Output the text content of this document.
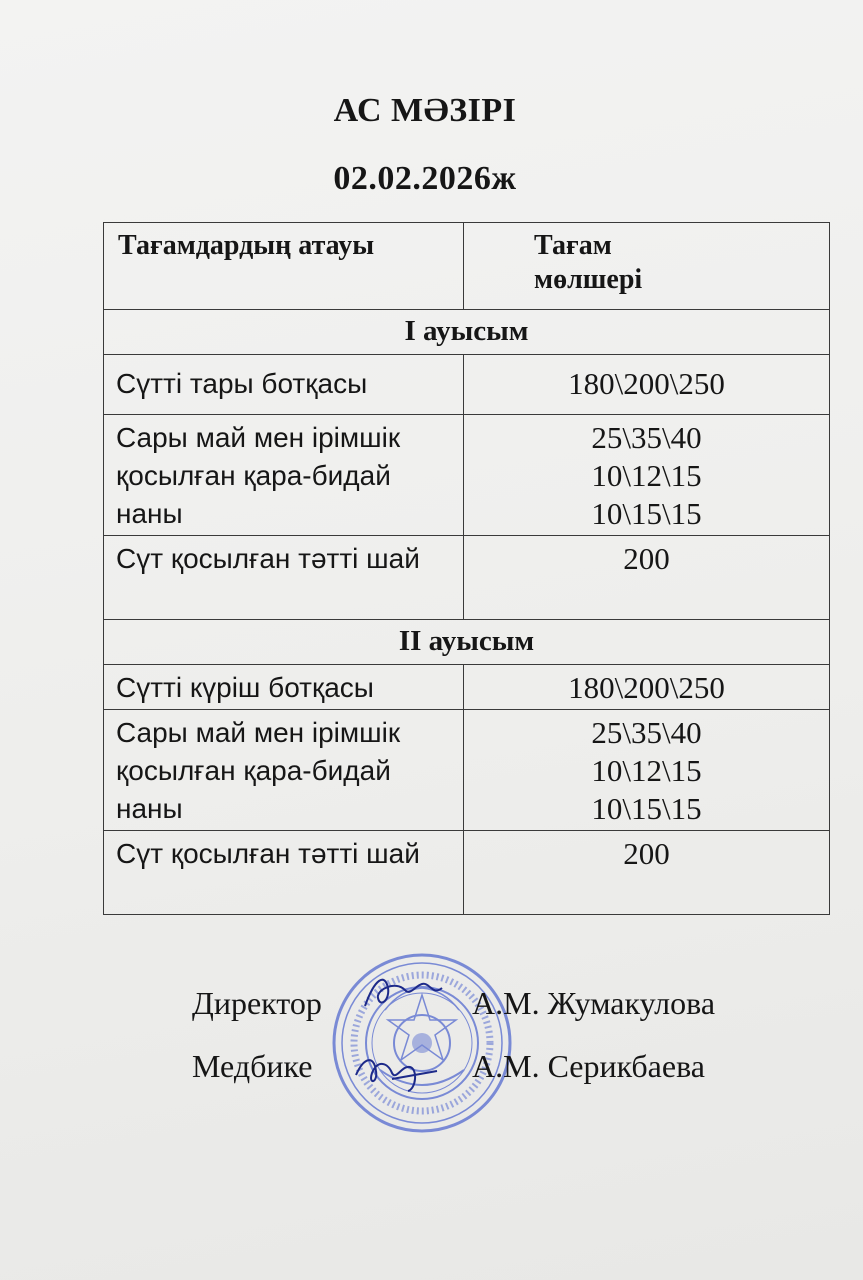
АС МӘЗІРІ
02.02.2026ж
Тағамдардың атауы	Тағам
мөлшері

I ауысым	
Сүтті тары ботқасы	180\200\250

Сары май мен ірімшік қосылған қара-бидай наны	25\35\40
10\12\15
10\15\15

Сүт қосылған тәтті шай	200

II ауысым	
Сүтті күріш ботқасы	180\200\250

Сары май мен ірімшік қосылған қара-бидай наны	25\35\40
10\12\15
10\15\15

Сүт қосылған тәтті шай	200
Директор	А.М. Жумакулова
Медбике	А.М. Серикбаева
